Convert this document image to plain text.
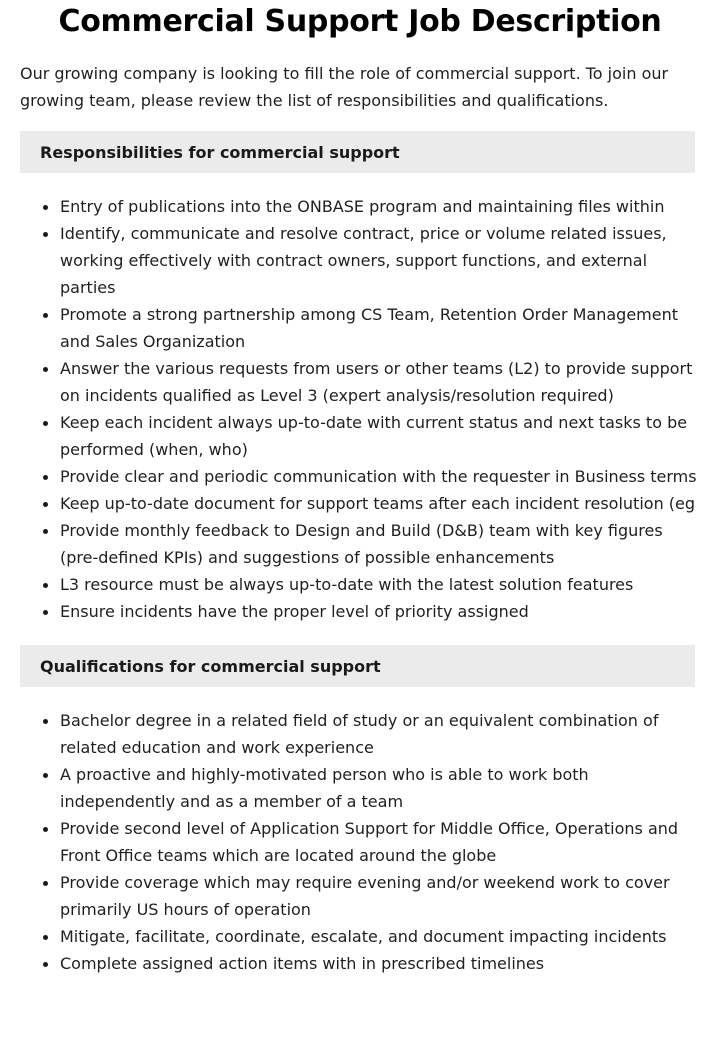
Commercial Support Job Description

Our growing company is looking to fill the role of commercial support. To join our growing team, please review the list of responsibilities and qualifications.

Responsibilities for commercial support
Entry of publications into the ONBASE program and maintaining files within
Identify, communicate and resolve contract, price or volume related issues, working effectively with contract owners, support functions, and external parties
Promote a strong partnership among CS Team, Retention Order Management and Sales Organization
Answer the various requests from users or other teams (L2) to provide support on incidents qualified as Level 3 (expert analysis/resolution required)
Keep each incident always up-to-date with current status and next tasks to be performed (when, who)
Provide clear and periodic communication with the requester in Business terms
Keep up-to-date document for support teams after each incident resolution (eg
Provide monthly feedback to Design and Build (D&B) team with key figures (pre-defined KPIs) and suggestions of possible enhancements
L3 resource must be always up-to-date with the latest solution features
Ensure incidents have the proper level of priority assigned
Qualifications for commercial support
Bachelor degree in a related field of study or an equivalent combination of related education and work experience
A proactive and highly-motivated person who is able to work both independently and as a member of a team
Provide second level of Application Support for Middle Office, Operations and Front Office teams which are located around the globe
Provide coverage which may require evening and/or weekend work to cover primarily US hours of operation
Mitigate, facilitate, coordinate, escalate, and document impacting incidents
Complete assigned action items with in prescribed timelines
